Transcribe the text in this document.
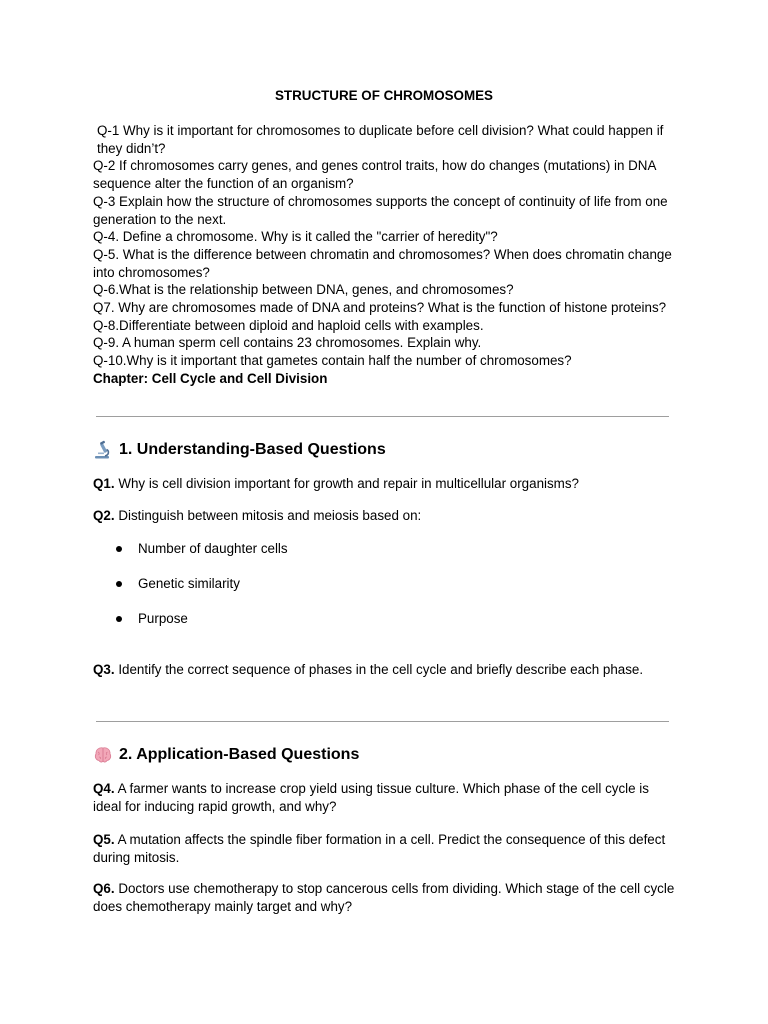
STRUCTURE OF CHROMOSOMES

Q-1 Why is it important for chromosomes to duplicate before cell division? What could happen if they didn’t?

Q-2 If chromosomes carry genes, and genes control traits, how do changes (mutations) in DNA sequence alter the function of an organism?

Q-3 Explain how the structure of chromosomes supports the concept of continuity of life from one generation to the next.

Q-4. Define a chromosome. Why is it called the "carrier of heredity"?

Q-5. What is the difference between chromatin and chromosomes? When does chromatin change into chromosomes?

Q-6.What is the relationship between DNA, genes, and chromosomes?

Q7. Why are chromosomes made of DNA and proteins? What is the function of histone proteins?

Q-8.Differentiate between diploid and haploid cells with examples.

Q-9. A human sperm cell contains 23 chromosomes. Explain why.

Q-10.Why is it important that gametes contain half the number of chromosomes?

Chapter: Cell Cycle and Cell Division

1. Understanding-Based Questions

Q1. Why is cell division important for growth and repair in multicellular organisms?

Q2. Distinguish between mitosis and meiosis based on:

Number of daughter cells
Genetic similarity
Purpose

Q3. Identify the correct sequence of phases in the cell cycle and briefly describe each phase.

2. Application-Based Questions

Q4. A farmer wants to increase crop yield using tissue culture. Which phase of the cell cycle is ideal for inducing rapid growth, and why?

Q5. A mutation affects the spindle fiber formation in a cell. Predict the consequence of this defect during mitosis.

Q6. Doctors use chemotherapy to stop cancerous cells from dividing. Which stage of the cell cycle does chemotherapy mainly target and why?
